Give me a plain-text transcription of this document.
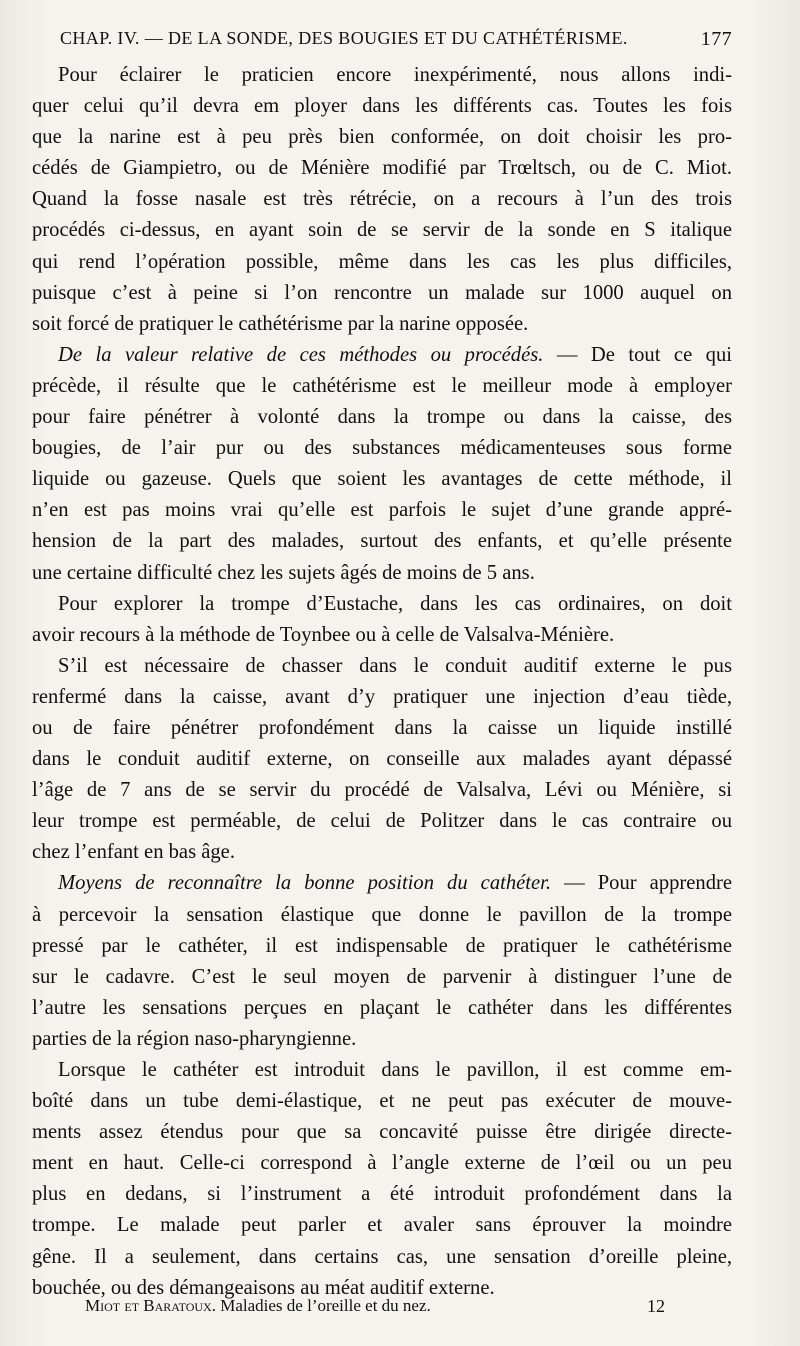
CHAP. IV. — DE LA SONDE, DES BOUGIES ET DU CATHÉTÉRISME.	177

Pour éclairer le praticien encore inexpérimenté, nous allons indi-
quer celui qu’il devra em ployer dans les différents cas. Toutes les fois
que la narine est à peu près bien conformée, on doit choisir les pro-
cédés de Giampietro, ou de Ménière modifié par Trœltsch, ou de C. Miot.
Quand la fosse nasale est très rétrécie, on a recours à l’un des trois
procédés ci-dessus, en ayant soin de se servir de la sonde en S italique
qui rend l’opération possible, même dans les cas les plus difficiles,
puisque c’est à peine si l’on rencontre un malade sur 1000 auquel on
soit forcé de pratiquer le cathétérisme par la narine opposée.

De la valeur relative de ces méthodes ou procédés. — De tout ce qui
précède, il résulte que le cathétérisme est le meilleur mode à employer
pour faire pénétrer à volonté dans la trompe ou dans la caisse, des
bougies, de l’air pur ou des substances médicamenteuses sous forme
liquide ou gazeuse. Quels que soient les avantages de cette méthode, il
n’en est pas moins vrai qu’elle est parfois le sujet d’une grande appré-
hension de la part des malades, surtout des enfants, et qu’elle présente
une certaine difficulté chez les sujets âgés de moins de 5 ans.

Pour explorer la trompe d’Eustache, dans les cas ordinaires, on doit
avoir recours à la méthode de Toynbee ou à celle de Valsalva-Ménière.

S’il est nécessaire de chasser dans le conduit auditif externe le pus
renfermé dans la caisse, avant d’y pratiquer une injection d’eau tiède,
ou de faire pénétrer profondément dans la caisse un liquide instillé
dans le conduit auditif externe, on conseille aux malades ayant dépassé
l’âge de 7 ans de se servir du procédé de Valsalva, Lévi ou Ménière, si
leur trompe est perméable, de celui de Politzer dans le cas contraire ou
chez l’enfant en bas âge.

Moyens de reconnaître la bonne position du cathéter. — Pour apprendre
à percevoir la sensation élastique que donne le pavillon de la trompe
pressé par le cathéter, il est indispensable de pratiquer le cathétérisme
sur le cadavre. C’est le seul moyen de parvenir à distinguer l’une de
l’autre les sensations perçues en plaçant le cathéter dans les différentes
parties de la région naso-pharyngienne.

Lorsque le cathéter est introduit dans le pavillon, il est comme em-
boîté dans un tube demi-élastique, et ne peut pas exécuter de mouve-
ments assez étendus pour que sa concavité puisse être dirigée directe-
ment en haut. Celle-ci correspond à l’angle externe de l’œil ou un peu
plus en dedans, si l’instrument a été introduit profondément dans la
trompe. Le malade peut parler et avaler sans éprouver la moindre
gêne. Il a seulement, dans certains cas, une sensation d’oreille pleine,
bouchée, ou des démangeaisons au méat auditif externe.

Miot et Baratoux. Maladies de l’oreille et du nez.	12
